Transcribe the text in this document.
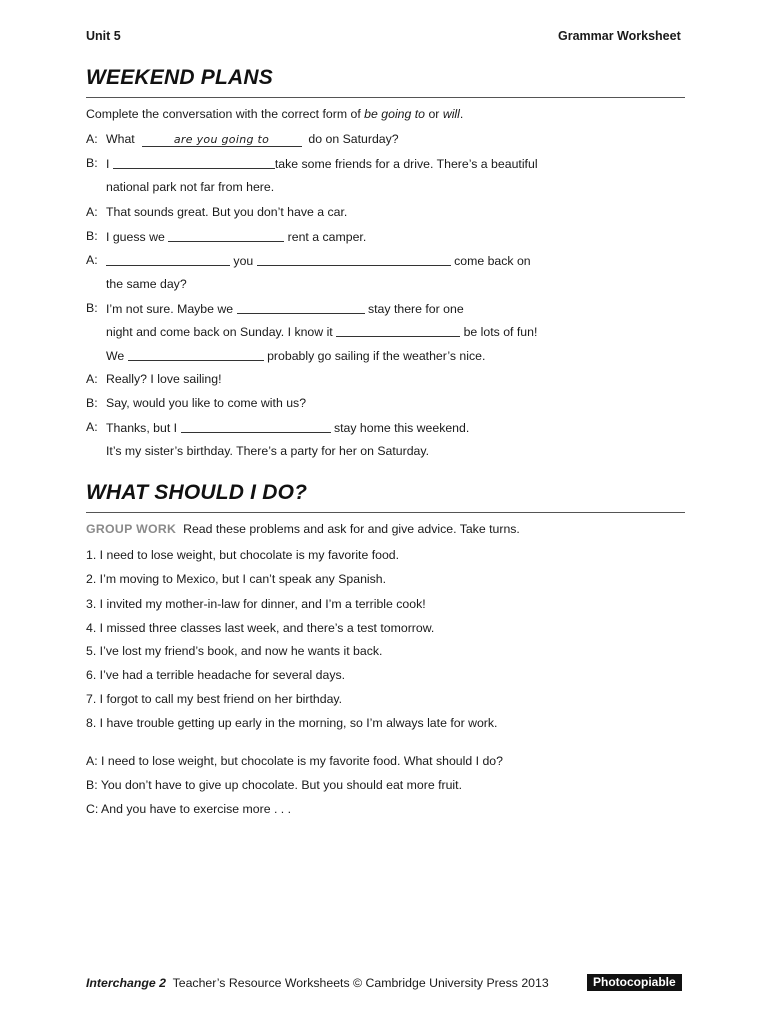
Unit 5	Grammar Worksheet
WEEKEND PLANS
Complete the conversation with the correct form of be going to or will.
A: What	are you going to	do on Saturday?
B: I	take some friends for a drive. There’s a beautiful
national park not far from here.
A: That sounds great. But you don’t have a car.
B: I guess we	rent a camper.
A:	you	come back on
the same day?
B: I’m not sure. Maybe we	stay there for one
night and come back on Sunday. I know it	be lots of fun!
We	probably go sailing if the weather’s nice.
A: Really? I love sailing!
B: Say, would you like to come with us?
A: Thanks, but I	stay home this weekend.
It’s my sister’s birthday. There’s a party for her on Saturday.
WHAT SHOULD I DO?
GROUP WORK Read these problems and ask for and give advice. Take turns.
1. I need to lose weight, but chocolate is my favorite food.
2. I’m moving to Mexico, but I can’t speak any Spanish.
3. I invited my mother-in-law for dinner, and I’m a terrible cook!
4. I missed three classes last week, and there’s a test tomorrow.
5. I’ve lost my friend’s book, and now he wants it back.
6. I’ve had a terrible headache for several days.
7. I forgot to call my best friend on her birthday.
8. I have trouble getting up early in the morning, so I’m always late for work.
A: I need to lose weight, but chocolate is my favorite food. What should I do?
B: You don’t have to give up chocolate. But you should eat more fruit.
C: And you have to exercise more . . .
Interchange 2 Teacher’s Resource Worksheets © Cambridge University Press 2013	Photocopiable
